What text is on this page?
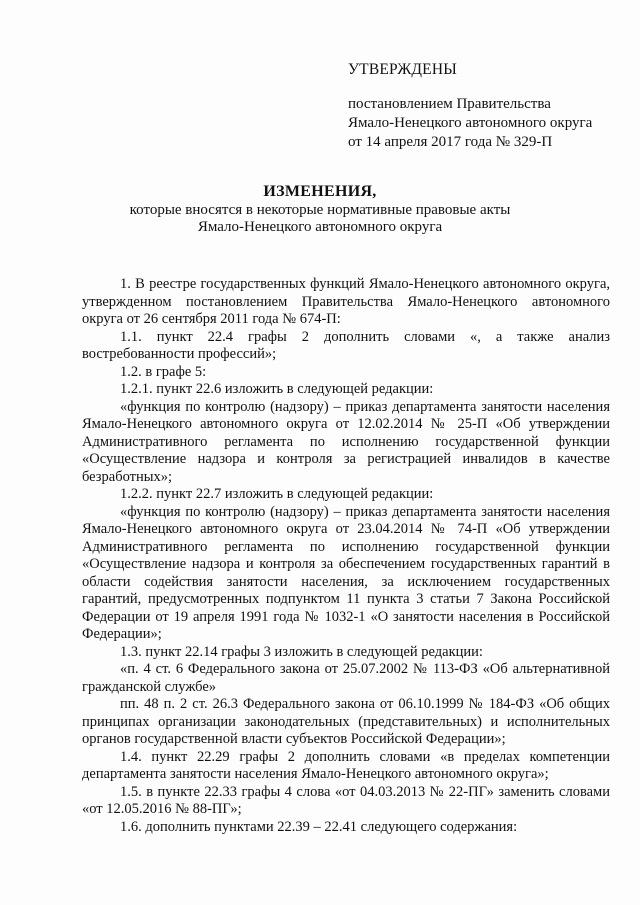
УТВЕРЖДЕНЫ
постановлением Правительства
Ямало-Ненецкого автономного округа
от 14 апреля 2017 года № 329-П
ИЗМЕНЕНИЯ,
которые вносятся в некоторые нормативные правовые акты
Ямало-Ненецкого автономного округа

1. В реестре государственных функций Ямало-Ненецкого автономного округа, утвержденном постановлением Правительства Ямало-Ненецкого автономного округа от 26 сентября 2011 года № 674-П:

1.1. пункт 22.4 графы 2 дополнить словами «, а также анализ востребованности профессий»;

1.2. в графе 5:

1.2.1. пункт 22.6 изложить в следующей редакции:

«функция по контролю (надзору) – приказ департамента занятости населения Ямало-Ненецкого автономного округа от 12.02.2014 № 25-П «Об утверждении Административного регламента по исполнению государственной функции «Осуществление надзора и контроля за регистрацией инвалидов в качестве безработных»;

1.2.2. пункт 22.7 изложить в следующей редакции:

«функция по контролю (надзору) – приказ департамента занятости населения Ямало-Ненецкого автономного округа от 23.04.2014 № 74-П «Об утверждении Административного регламента по исполнению государственной функции «Осуществление надзора и контроля за обеспечением государственных гарантий в области содействия занятости населения, за исключением государственных гарантий, предусмотренных подпунктом 11 пункта 3 статьи 7 Закона Российской Федерации от 19 апреля 1991 года № 1032-1 «О занятости населения в Российской Федерации»;

1.3. пункт 22.14 графы 3 изложить в следующей редакции:

«п. 4 ст. 6 Федерального закона от 25.07.2002 № 113-ФЗ «Об альтернативной гражданской службе»

пп. 48 п. 2 ст. 26.3 Федерального закона от 06.10.1999 № 184-ФЗ «Об общих принципах организации законодательных (представительных) и исполнительных органов государственной власти субъектов Российской Федерации»;

1.4. пункт 22.29 графы 2 дополнить словами «в пределах компетенции департамента занятости населения Ямало-Ненецкого автономного округа»;

1.5. в пункте 22.33 графы 4 слова «от 04.03.2013 № 22-ПГ» заменить словами «от 12.05.2016 № 88-ПГ»;

1.6. дополнить пунктами 22.39 – 22.41 следующего содержания:
